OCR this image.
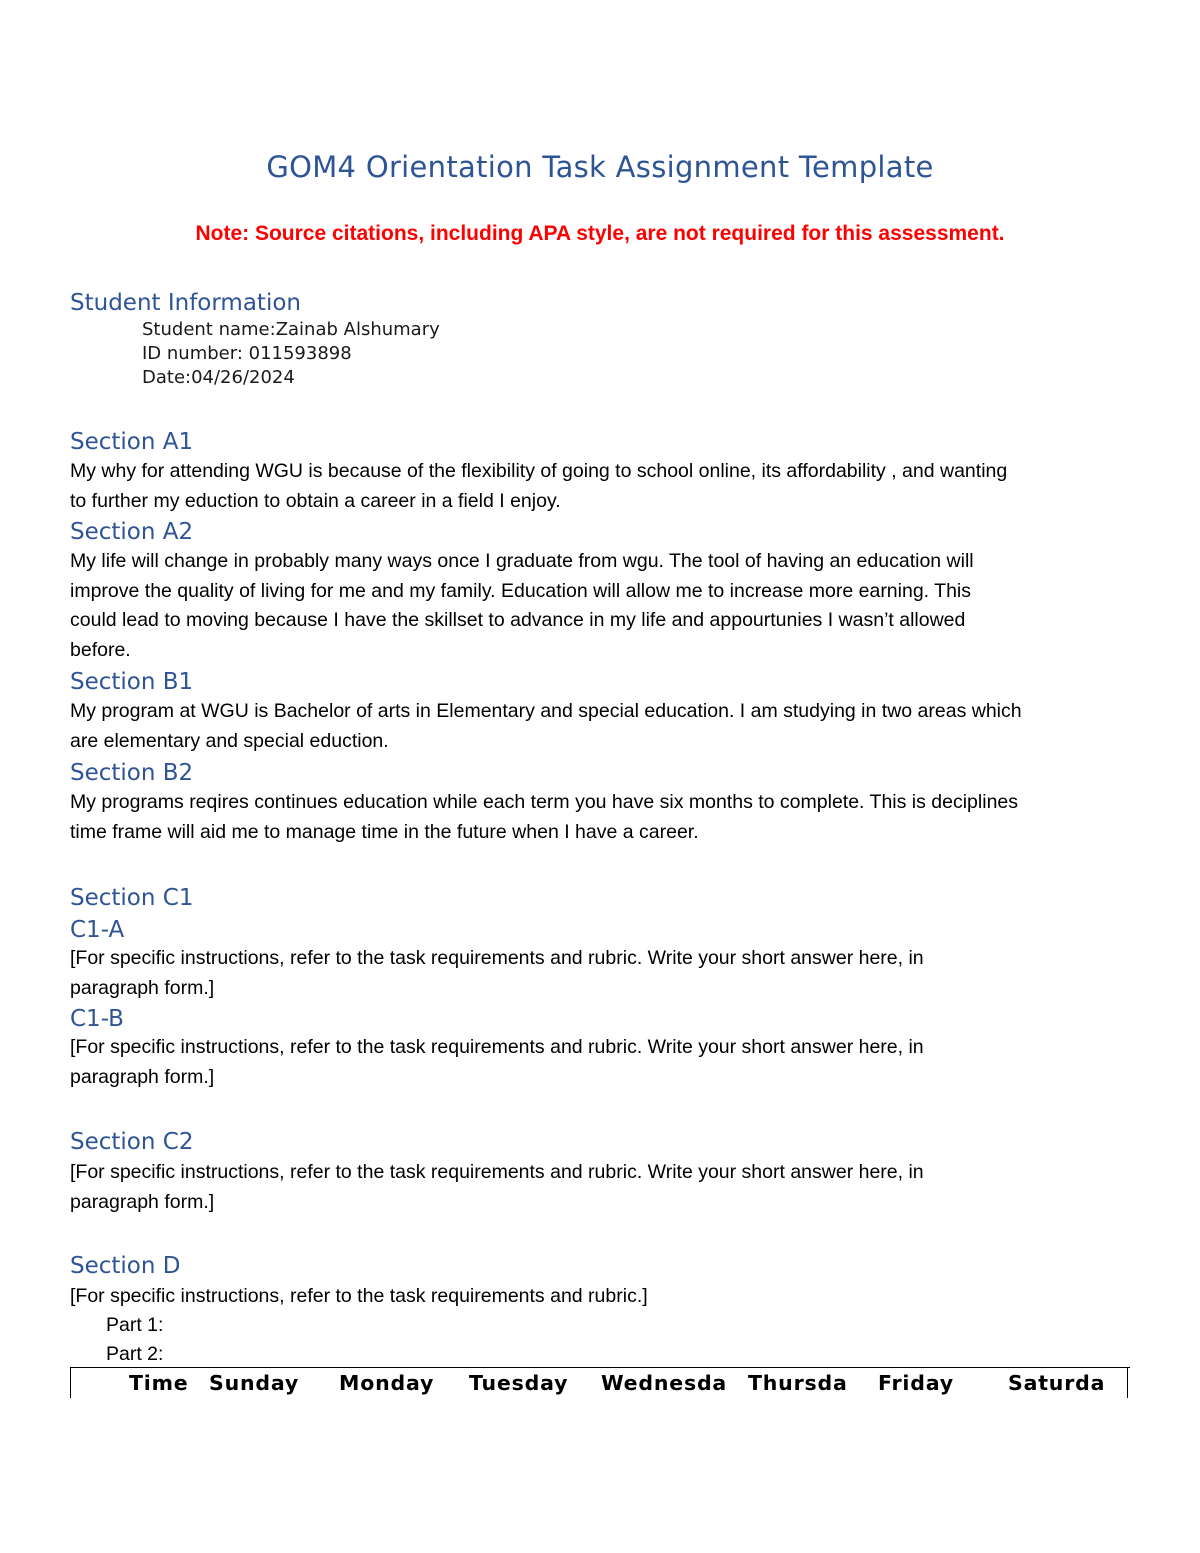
GOM4 Orientation Task Assignment Template
Note: Source citations, including APA style, are not required for this assessment.
Student Information
Student name:Zainab Alshumary
ID number: 011593898
Date:04/26/2024
Section A1
My why for attending WGU is because of the flexibility of going to school online, its affordability , and wanting
to further my eduction to obtain a career in a field I enjoy.
Section A2
My life will change in probably many ways once I graduate from wgu. The tool of having an education will
improve the quality of living for me and my family. Education will allow me to increase more earning. This
could lead to moving because I have the skillset to advance in my life and appourtunies I wasn’t allowed
before.
Section B1
My program at WGU is Bachelor of arts in Elementary and special education. I am studying in two areas which
are elementary and special eduction.
Section B2
My programs reqires continues education while each term you have six months to complete. This is deciplines
time frame will aid me to manage time in the future when I have a career.
Section C1
C1-A
[For specific instructions, refer to the task requirements and rubric. Write your short answer here, in
paragraph form.]
C1-B
[For specific instructions, refer to the task requirements and rubric. Write your short answer here, in
paragraph form.]
Section C2
[For specific instructions, refer to the task requirements and rubric. Write your short answer here, in
paragraph form.]
Section D
[For specific instructions, refer to the task requirements and rubric.]
Part 1:
Part 2:
Time Sunday Monday Tuesday Wednesda Thursda Friday	Saturda
